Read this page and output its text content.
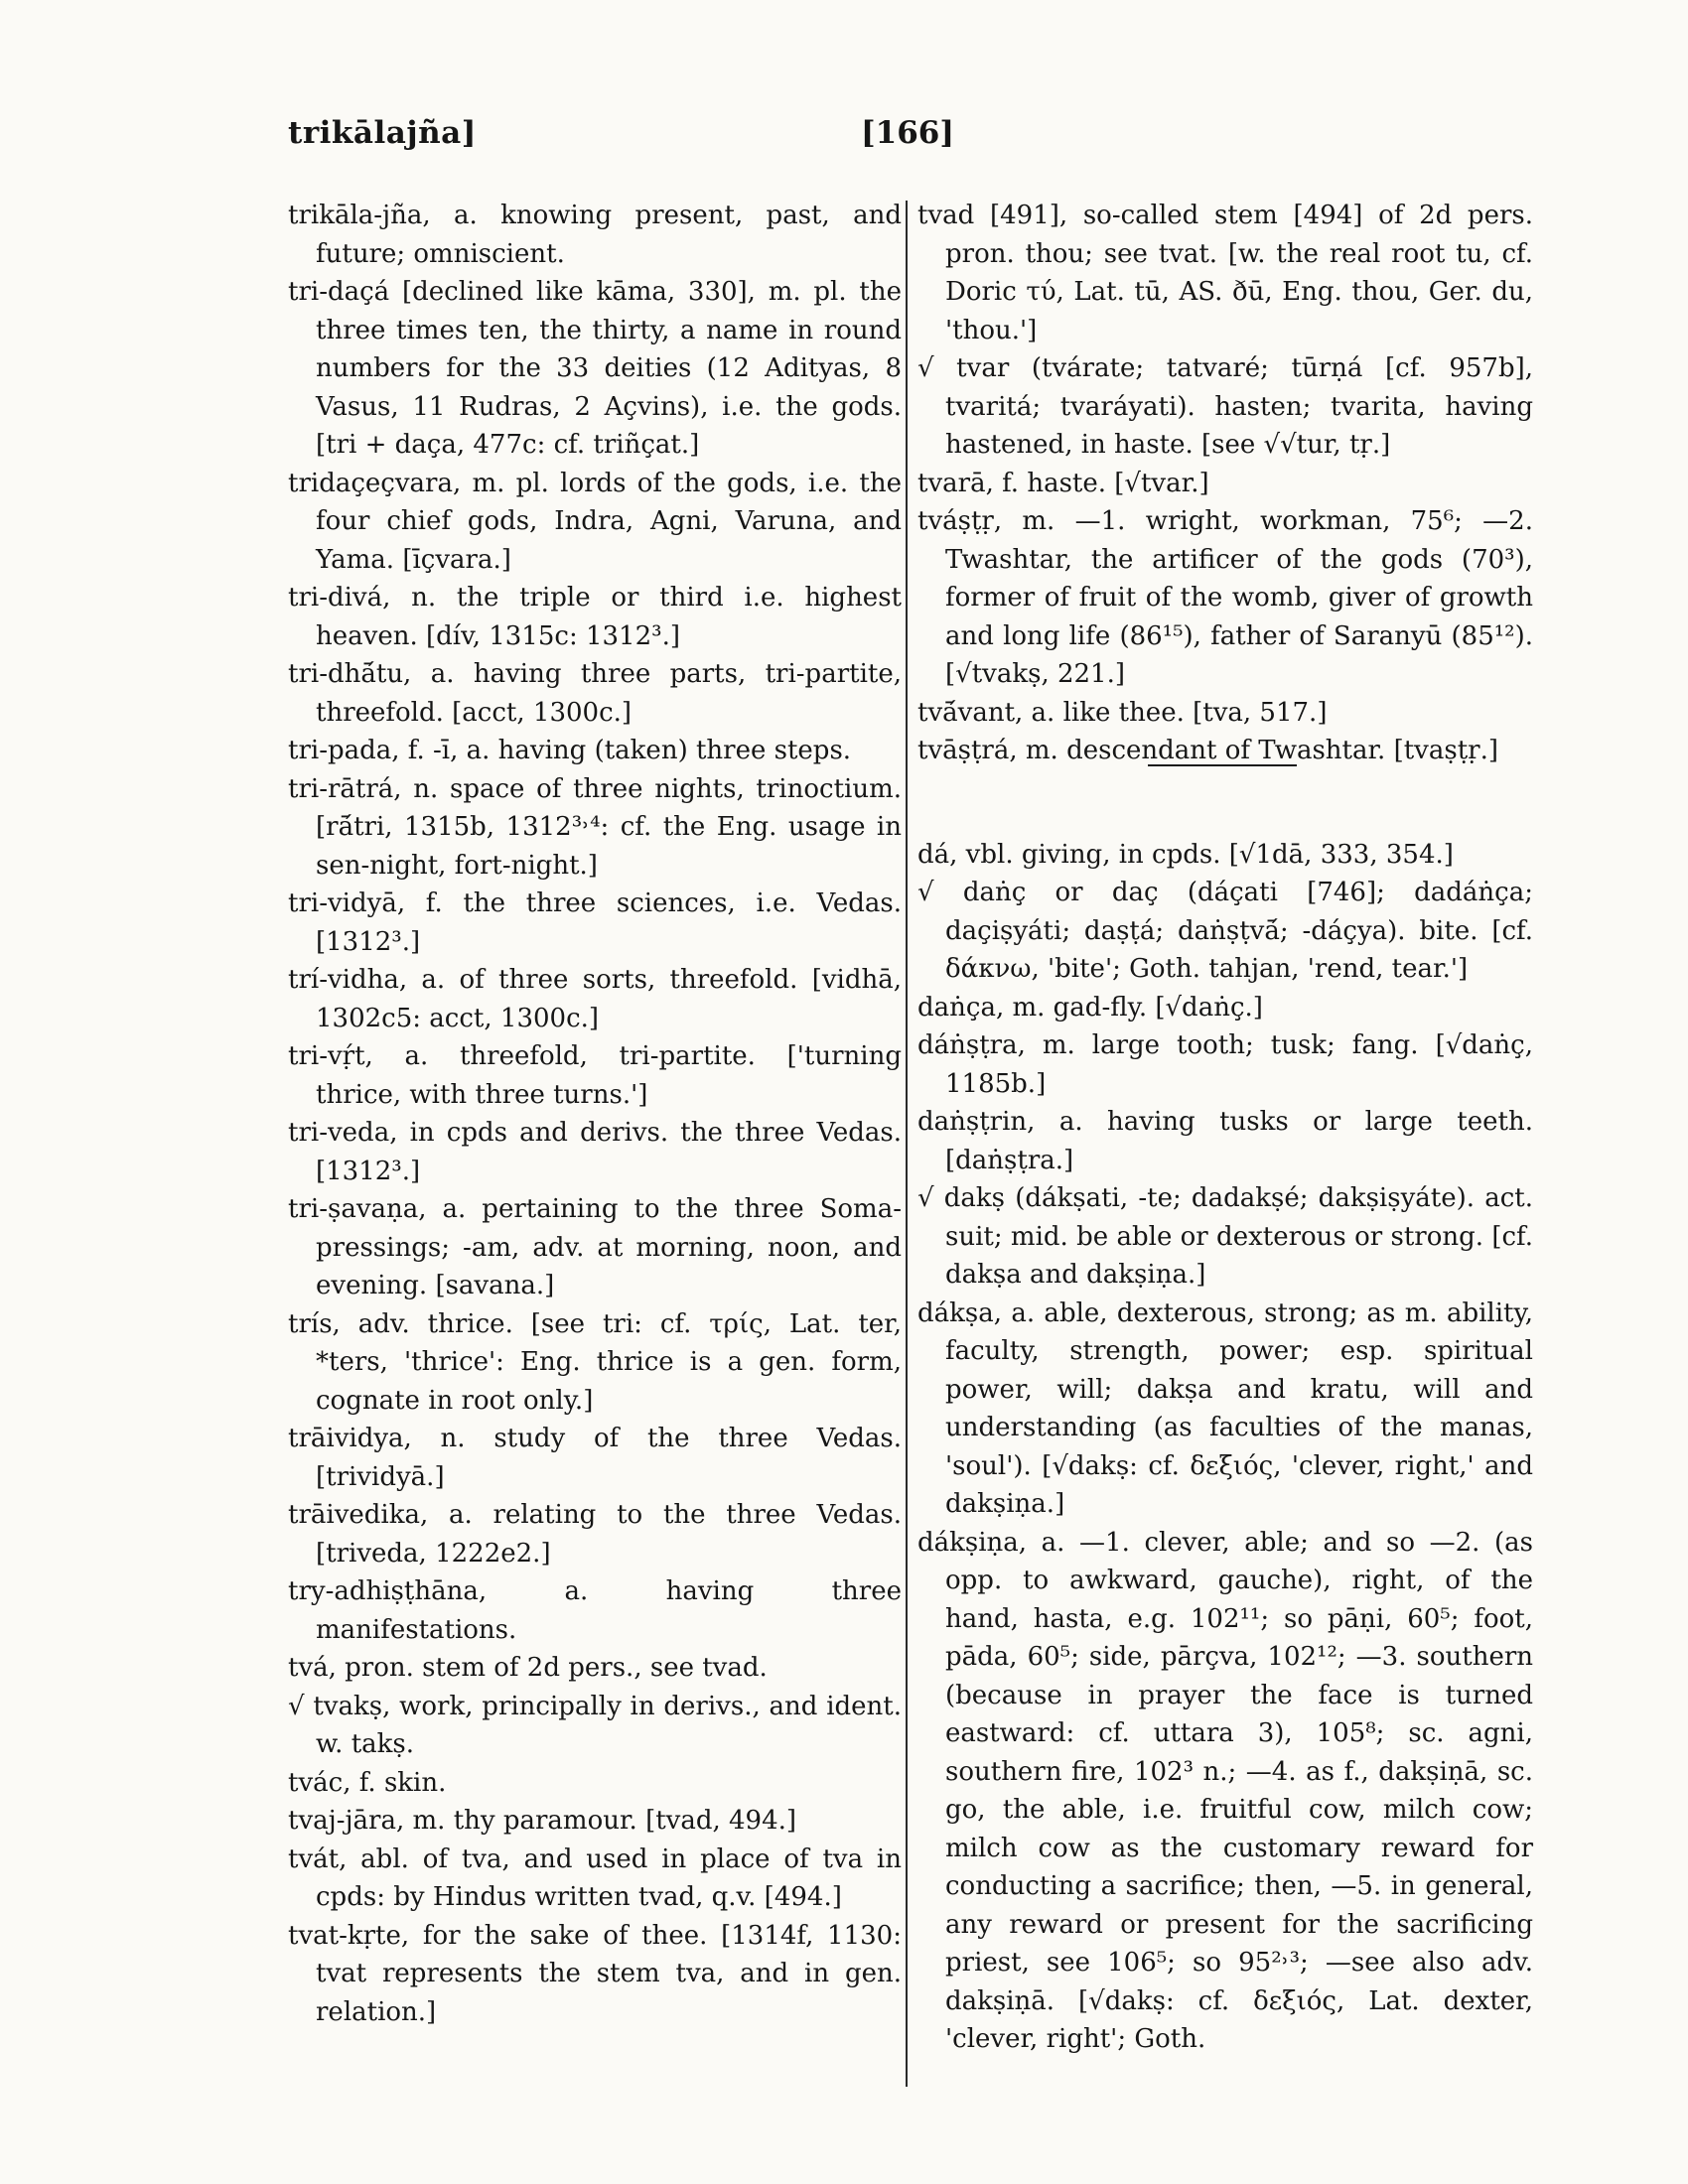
trikālajña]	[166]
trikāla-jña, a. knowing present, past, and future; omniscient.
tri-daçá [declined like kāma, 330], m. pl. the three times ten, the thirty, a name in round numbers for the 33 deities (12 Adityas, 8 Vasus, 11 Rudras, 2 Açvins), i.e. the gods. [tri + daça, 477c: cf. triñçat.]
tridaçeçvara, m. pl. lords of the gods, i.e. the four chief gods, Indra, Agni, Varuna, and Yama. [īçvara.]
tri-divá, n. the triple or third i.e. highest heaven. [dív, 1315c: 1312³.]
tri-dhā́tu, a. having three parts, tri-partite, threefold. [acct, 1300c.]
tri-pada, f. -ī, a. having (taken) three steps.
tri-rātrá, n. space of three nights, trinoctium. [rā́tri, 1315b, 1312³˒⁴: cf. the Eng. usage in sen-night, fort-night.]
tri-vidyā, f. the three sciences, i.e. Vedas. [1312³.]
trí-vidha, a. of three sorts, threefold. [vidhā, 1302c5: acct, 1300c.]
tri-vṛ́t, a. threefold, tri-partite. ['turning thrice, with three turns.']
tri-veda, in cpds and derivs. the three Vedas. [1312³.]
tri-ṣavaṇa, a. pertaining to the three Soma-pressings; -am, adv. at morning, noon, and evening. [savana.]
trís, adv. thrice. [see tri: cf. τρίς, Lat. ter, *ters, 'thrice': Eng. thrice is a gen. form, cognate in root only.]
trāividya, n. study of the three Vedas. [trividyā.]
trāivedika, a. relating to the three Vedas. [triveda, 1222e2.]
try-adhiṣṭhāna, a. having three manifestations.
tvá, pron. stem of 2d pers., see tvad.
√ tvakṣ, work, principally in derivs., and ident. w. takṣ.
tvác, f. skin.
tvaj-jāra, m. thy paramour. [tvad, 494.]
tvát, abl. of tva, and used in place of tva in cpds: by Hindus written tvad, q.v. [494.]
tvat-kṛte, for the sake of thee. [1314f, 1130: tvat represents the stem tva, and in gen. relation.]
tvad [491], so-called stem [494] of 2d pers. pron. thou; see tvat. [w. the real root tu, cf. Doric τύ, Lat. tū, AS. ðū, Eng. thou, Ger. du, 'thou.']
√ tvar (tvárate; tatvaré; tūrṇá [cf. 957b], tvaritá; tvaráyati). hasten; tvarita, having hastened, in haste. [see √√tur, tṛ.]
tvarā, f. haste. [√tvar.]
tváṣṭṛ, m. —1. wright, workman, 75⁶; —2. Twashtar, the artificer of the gods (70³), former of fruit of the womb, giver of growth and long life (86¹⁵), father of Saranyū (85¹²). [√tvakṣ, 221.]
tvā́vant, a. like thee. [tva, 517.]
tvāṣṭrá, m. descendant of Twashtar. [tvaṣṭṛ.]
dá, vbl. giving, in cpds. [√1dā, 333, 354.]
√ daṅç or daç (dáçati [746]; dadáṅça; daçiṣyáti; daṣṭá; daṅṣṭvā́; -dáçya). bite. [cf. δάκνω, 'bite'; Goth. tahjan, 'rend, tear.']
daṅça, m. gad-fly. [√daṅç.]
dáṅṣṭra, m. large tooth; tusk; fang. [√daṅç, 1185b.]
daṅṣṭrin, a. having tusks or large teeth. [daṅṣṭra.]
√ dakṣ (dákṣati, -te; dadakṣé; dakṣiṣyáte). act. suit; mid. be able or dexterous or strong. [cf. dakṣa and dakṣiṇa.]
dákṣa, a. able, dexterous, strong; as m. ability, faculty, strength, power; esp. spiritual power, will; dakṣa and kratu, will and understanding (as faculties of the manas, 'soul'). [√dakṣ: cf. δεξιός, 'clever, right,' and dakṣiṇa.]
dákṣiṇa, a. —1. clever, able; and so —2. (as opp. to awkward, gauche), right, of the hand, hasta, e.g. 102¹¹; so pāṇi, 60⁵; foot, pāda, 60⁵; side, pārçva, 102¹²; —3. southern (because in prayer the face is turned eastward: cf. uttara 3), 105⁸; sc. agni, southern fire, 102³ n.; —4. as f., dakṣiṇā, sc. go, the able, i.e. fruitful cow, milch cow; milch cow as the customary reward for conducting a sacrifice; then, —5. in general, any reward or present for the sacrificing priest, see 106⁵; so 95²˒³; —see also adv. dakṣiṇā. [√dakṣ: cf. δεξιός, Lat. dexter, 'clever, right'; Goth.
